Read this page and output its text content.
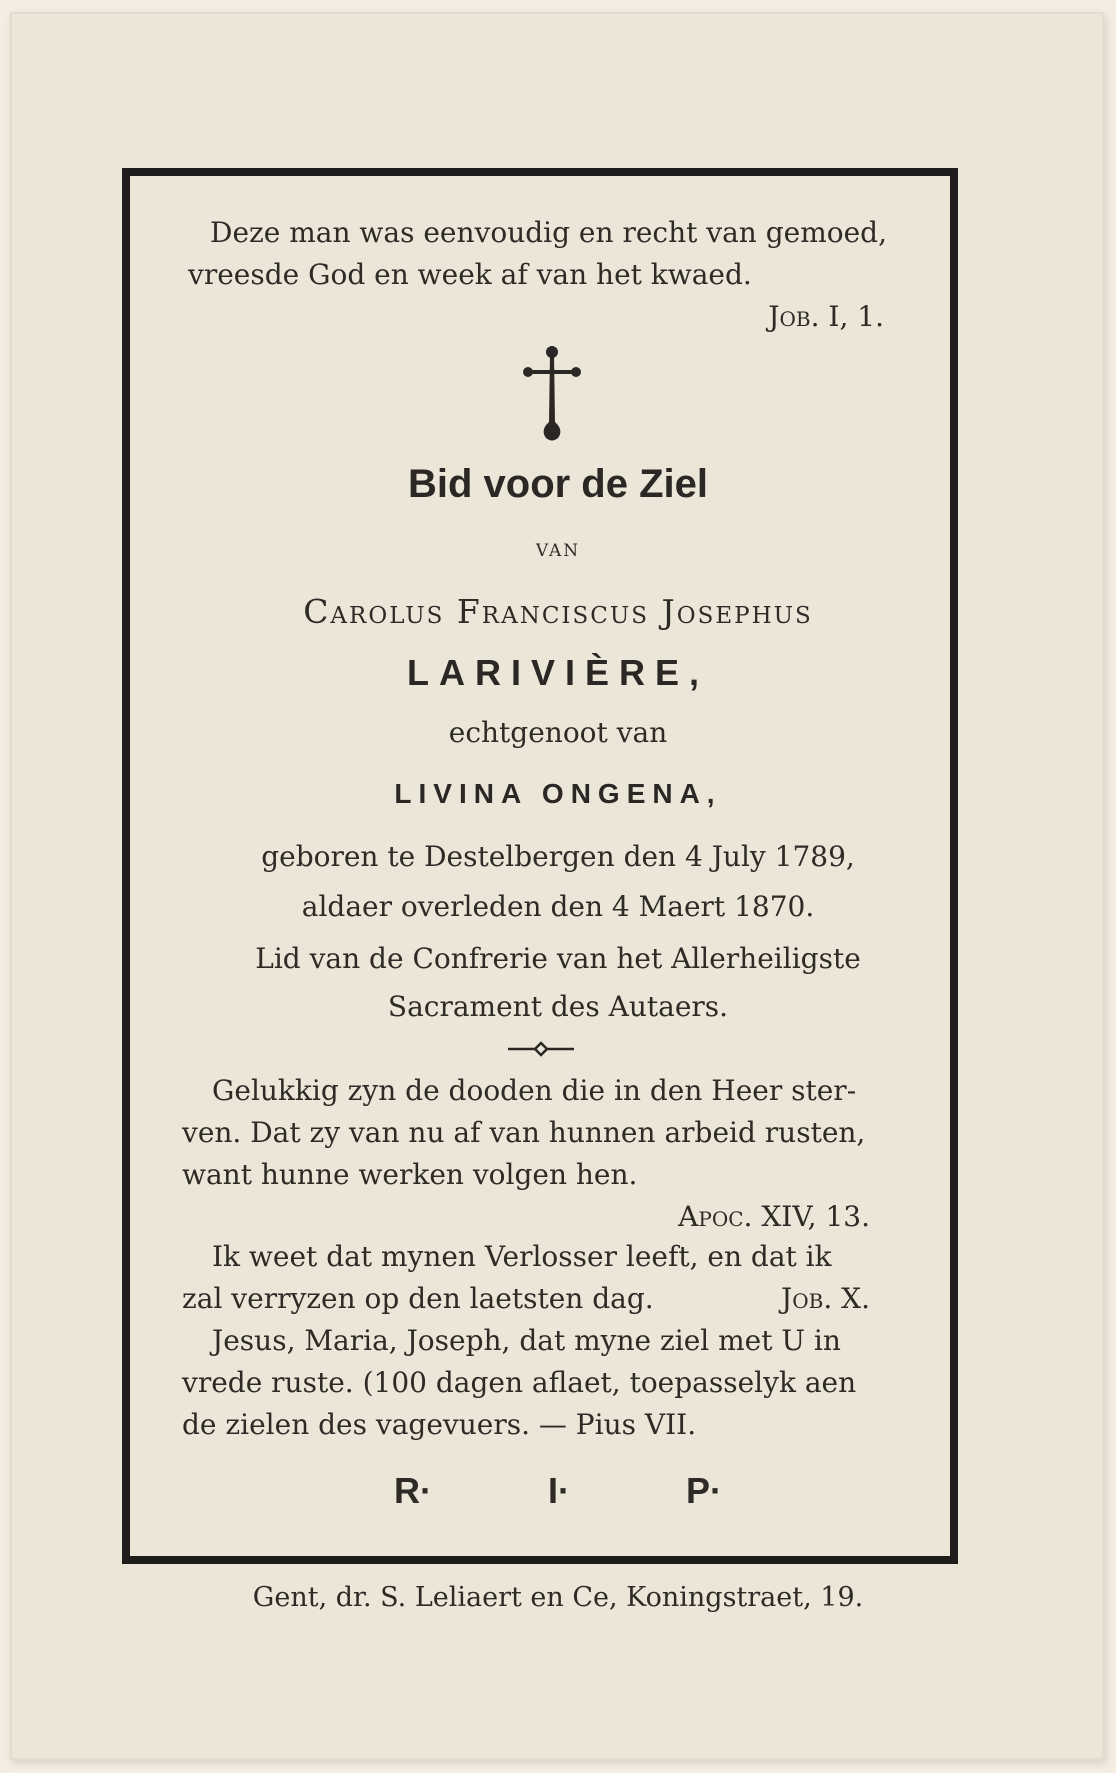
Deze man was eenvoudig en recht van gemoed,
vreesde God en week af van het kwaed.
Job. I, 1.
Bid voor de Ziel
van
Carolus Franciscus Josephus
LARIVIÈRE,
echtgenoot van
LIVINA ONGENA,
geboren te Destelbergen den 4 July 1789,
aldaer overleden den 4 Maert 1870.
Lid van de Confrerie van het Allerheiligste
Sacrament des Autaers.
Gelukkig zyn de dooden die in den Heer ster-
ven. Dat zy van nu af van hunnen arbeid rusten,
want hunne werken volgen hen.
Apoc. XIV, 13.
Ik weet dat mynen Verlosser leeft, en dat ik
zal verryzen op den laetsten dag.	Job. X.
Jesus, Maria, Joseph, dat myne ziel met U in
vrede ruste. (100 dagen aflaet, toepasselyk aen
de zielen des vagevuers. — Pius VII.
R·	I·	P·
Gent, dr. S. Leliaert en Ce, Koningstraet, 19.
